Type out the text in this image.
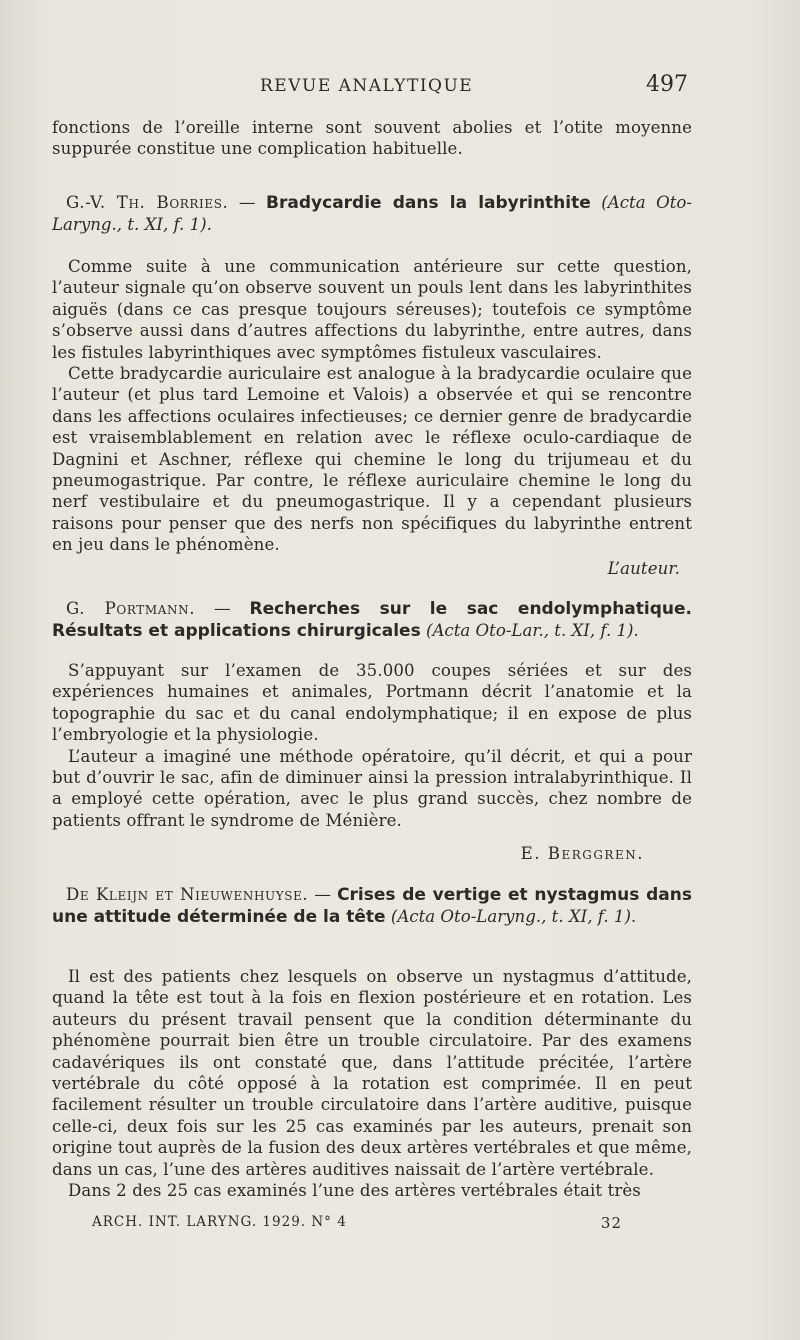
REVUE ANALYTIQUE	497

fonctions de l’oreille interne sont souvent abolies et l’otite moyenne suppurée constitue une complication habituelle.

G.-V. Th. Borries. — Bradycardie dans la labyrinthite (Acta Oto-Laryng., t. XI, f. 1).

Comme suite à une communication antérieure sur cette question, l’auteur signale qu’on observe souvent un pouls lent dans les labyrinthites aiguës (dans ce cas presque toujours séreuses); toutefois ce symptôme s’observe aussi dans d’autres affections du labyrinthe, entre autres, dans les fistules labyrinthiques avec symptômes fistuleux vasculaires.

Cette bradycardie auriculaire est analogue à la bradycardie oculaire que l’auteur (et plus tard Lemoine et Valois) a observée et qui se rencontre dans les affections oculaires infectieuses; ce dernier genre de bradycardie est vraisemblablement en relation avec le réflexe oculo-cardiaque de Dagnini et Aschner, réflexe qui chemine le long du trijumeau et du pneumogastrique. Par contre, le réflexe auriculaire chemine le long du nerf vestibulaire et du pneumogastrique. Il y a cependant plusieurs raisons pour penser que des nerfs non spécifiques du labyrinthe entrent en jeu dans le phénomène.

L’auteur.

G. Portmann. — Recherches sur le sac endolymphatique. Résultats et applications chirurgicales (Acta Oto-Lar., t. XI, f. 1).

S’appuyant sur l’examen de 35.000 coupes sériées et sur des expériences humaines et animales, Portmann décrit l’anatomie et la topographie du sac et du canal endolymphatique; il en expose de plus l’embryologie et la physiologie.

L’auteur a imaginé une méthode opératoire, qu’il décrit, et qui a pour but d’ouvrir le sac, afin de diminuer ainsi la pression intralabyrinthique. Il a employé cette opération, avec le plus grand succès, chez nombre de patients offrant le syndrome de Ménière.

E. Berggren.

De Kleijn et Nieuwenhuyse. — Crises de vertige et nystagmus dans une attitude déterminée de la tête (Acta Oto-Laryng., t. XI, f. 1).

Il est des patients chez lesquels on observe un nystagmus d’attitude, quand la tête est tout à la fois en flexion postérieure et en rotation. Les auteurs du présent travail pensent que la condition déterminante du phénomène pourrait bien être un trouble circulatoire. Par des examens cadavériques ils ont constaté que, dans l’attitude précitée, l’artère vertébrale du côté opposé à la rotation est comprimée. Il en peut facilement résulter un trouble circulatoire dans l’artère auditive, puisque celle-ci, deux fois sur les 25 cas examinés par les auteurs, prenait son origine tout auprès de la fusion des deux artères vertébrales et que même, dans un cas, l’une des artères auditives naissait de l’artère vertébrale.

Dans 2 des 25 cas examinés l’une des artères vertébrales était très

ARCH. INT. LARYNG. 1929. N° 4	32
